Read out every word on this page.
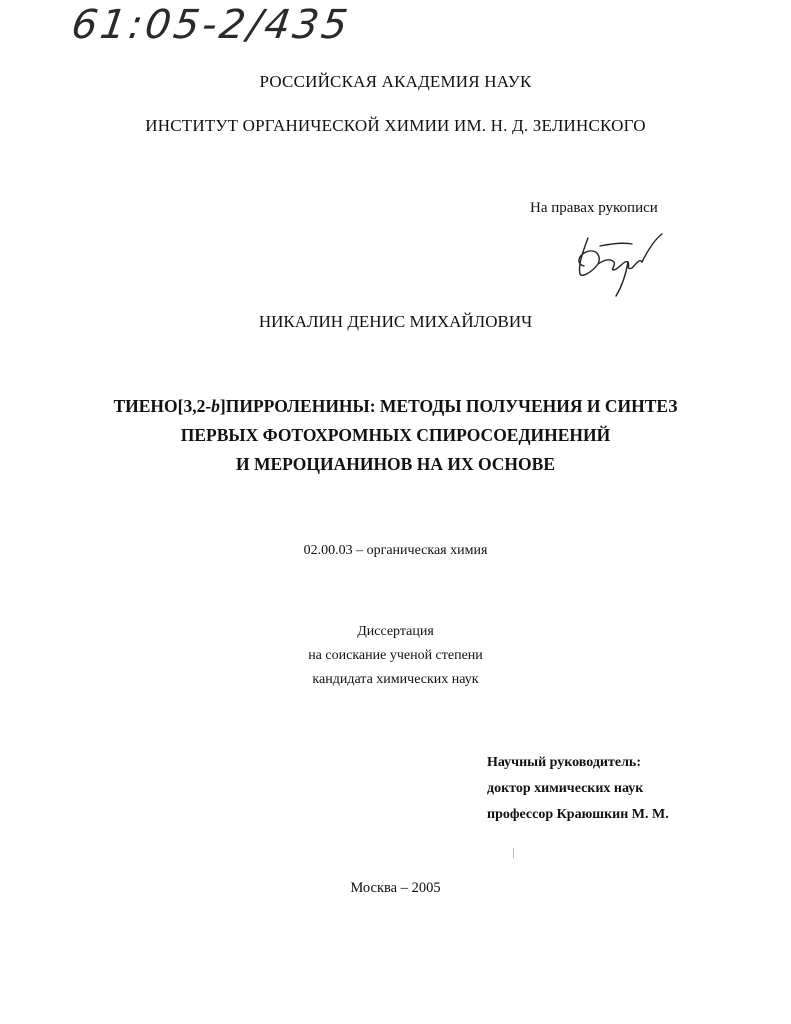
61:05-2/435
РОССИЙСКАЯ АКАДЕМИЯ НАУК
ИНСТИТУТ ОРГАНИЧЕСКОЙ ХИМИИ ИМ. Н. Д. ЗЕЛИНСКОГО
На правах рукописи
НИКАЛИН ДЕНИС МИХАЙЛОВИЧ
ТИЕНО[3,2-b]ПИРРОЛЕНИНЫ: МЕТОДЫ ПОЛУЧЕНИЯ И СИНТЕЗ
ПЕРВЫХ ФОТОХРОМНЫХ СПИРОСОЕДИНЕНИЙ
И МЕРОЦИАНИНОВ НА ИХ ОСНОВЕ
02.00.03 – органическая химия
Диссертация
на соискание ученой степени
кандидата химических наук
Научный руководитель:
доктор химических наук
профессор Краюшкин М. М.
Москва – 2005
